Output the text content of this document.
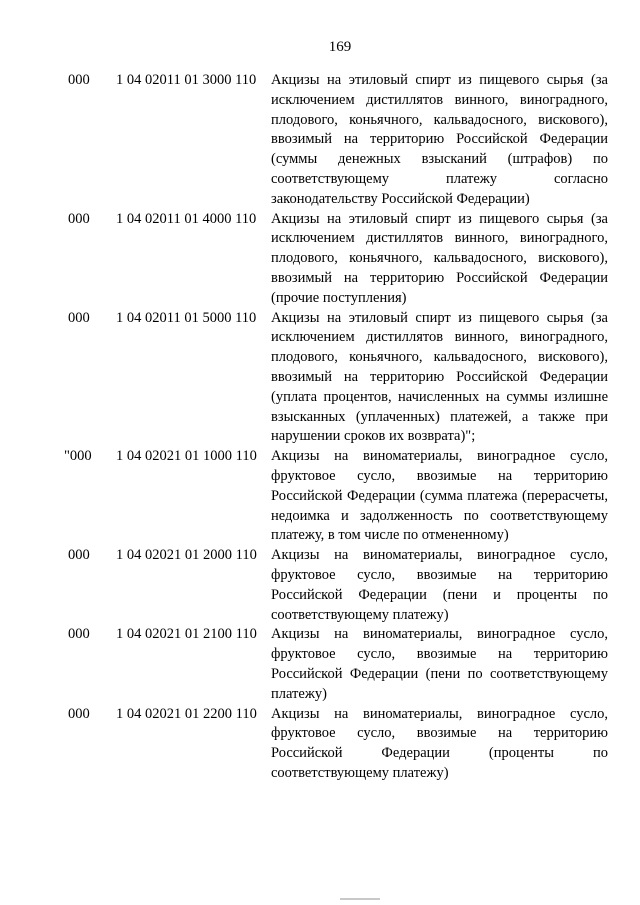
169
000 1 04 02011 01 3000 110 Акцизы на этиловый спирт из пищевого сырья (за исключением дистиллятов винного, виноградного, плодового, коньячного, кальвадосного, вискового), ввозимый на территорию Российской Федерации (суммы денежных взысканий (штрафов) по соответствующему платежу согласно законодательству Российской Федерации)
000 1 04 02011 01 4000 110 Акцизы на этиловый спирт из пищевого сырья (за исключением дистиллятов винного, виноградного, плодового, коньячного, кальвадосного, вискового), ввозимый на территорию Российской Федерации (прочие поступления)
000 1 04 02011 01 5000 110 Акцизы на этиловый спирт из пищевого сырья (за исключением дистиллятов винного, виноградного, плодового, коньячного, кальвадосного, вискового), ввозимый на территорию Российской Федерации (уплата процентов, начисленных на суммы излишне взысканных (уплаченных) платежей, а также при нарушении сроков их возврата)";
"000 1 04 02021 01 1000 110 Акцизы на виноматериалы, виноградное сусло, фруктовое сусло, ввозимые на территорию Российской Федерации (сумма платежа (перерасчеты, недоимка и задолженность по соответствующему платежу, в том числе по отмененному)
000 1 04 02021 01 2000 110 Акцизы на виноматериалы, виноградное сусло, фруктовое сусло, ввозимые на территорию Российской Федерации (пени и проценты по соответствующему платежу)
000 1 04 02021 01 2100 110 Акцизы на виноматериалы, виноградное сусло, фруктовое сусло, ввозимые на территорию Российской Федерации (пени по соответствующему платежу)
000 1 04 02021 01 2200 110 Акцизы на виноматериалы, виноградное сусло, фруктовое сусло, ввозимые на территорию Российской Федерации (проценты по соответствующему платежу)
